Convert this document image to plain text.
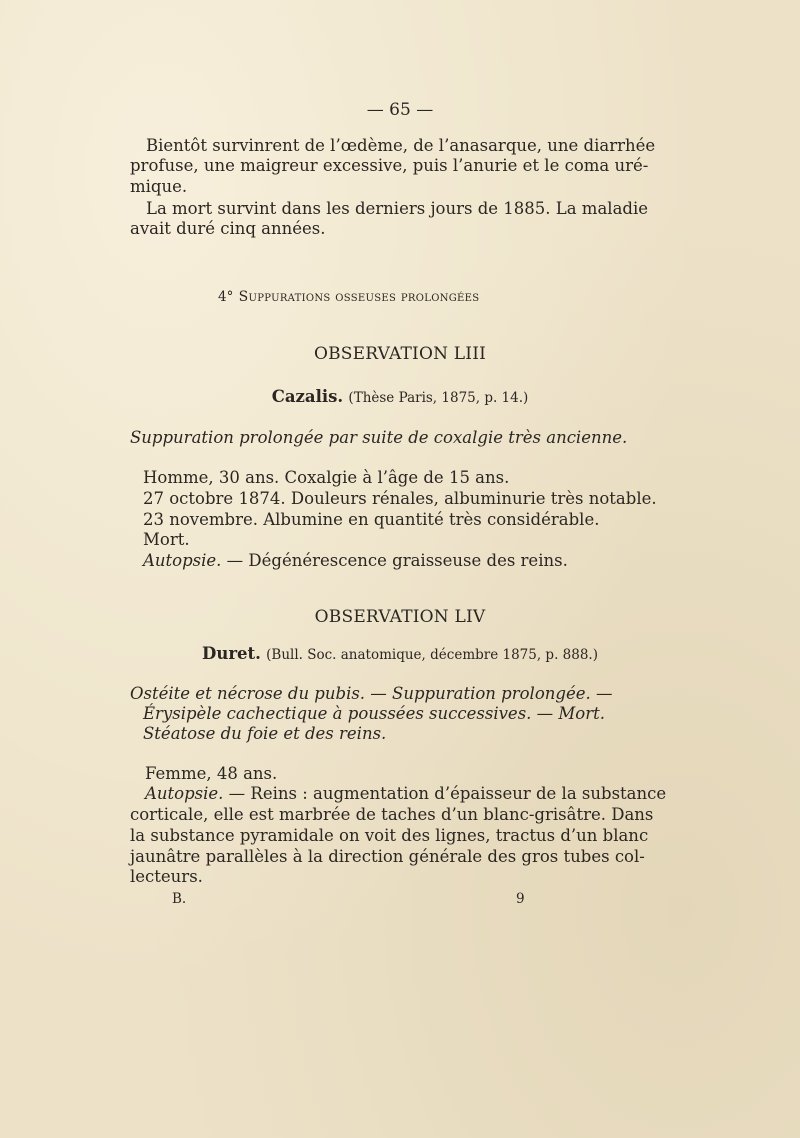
— 65 —
Bientôt survinrent de l’œdème, de l’anasarque, une diarrhée
profuse, une maigreur excessive, puis l’anurie et le coma uré-
mique.
La mort survint dans les derniers jours de 1885. La maladie
avait duré cinq années.
4° Suppurations osseuses prolongées
OBSERVATION LIII
Cazalis. (Thèse Paris, 1875, p. 14.)
Suppuration prolongée par suite de coxalgie très ancienne.
Homme, 30 ans. Coxalgie à l’âge de 15 ans.
27 octobre 1874. Douleurs rénales, albuminurie très notable.
23 novembre. Albumine en quantité très considérable.
Mort.
Autopsie. — Dégénérescence graisseuse des reins.
OBSERVATION LIV
Duret. (Bull. Soc. anatomique, décembre 1875, p. 888.)
Ostéite et nécrose du pubis. — Suppuration prolongée. —
Érysipèle cachectique à poussées successives. — Mort.
Stéatose du foie et des reins.
Femme, 48 ans.
Autopsie. — Reins : augmentation d’épaisseur de la substance
corticale, elle est marbrée de taches d’un blanc-grisâtre. Dans
la substance pyramidale on voit des lignes, tractus d’un blanc
jaunâtre parallèles à la direction générale des gros tubes col-
lecteurs.
B.	9
